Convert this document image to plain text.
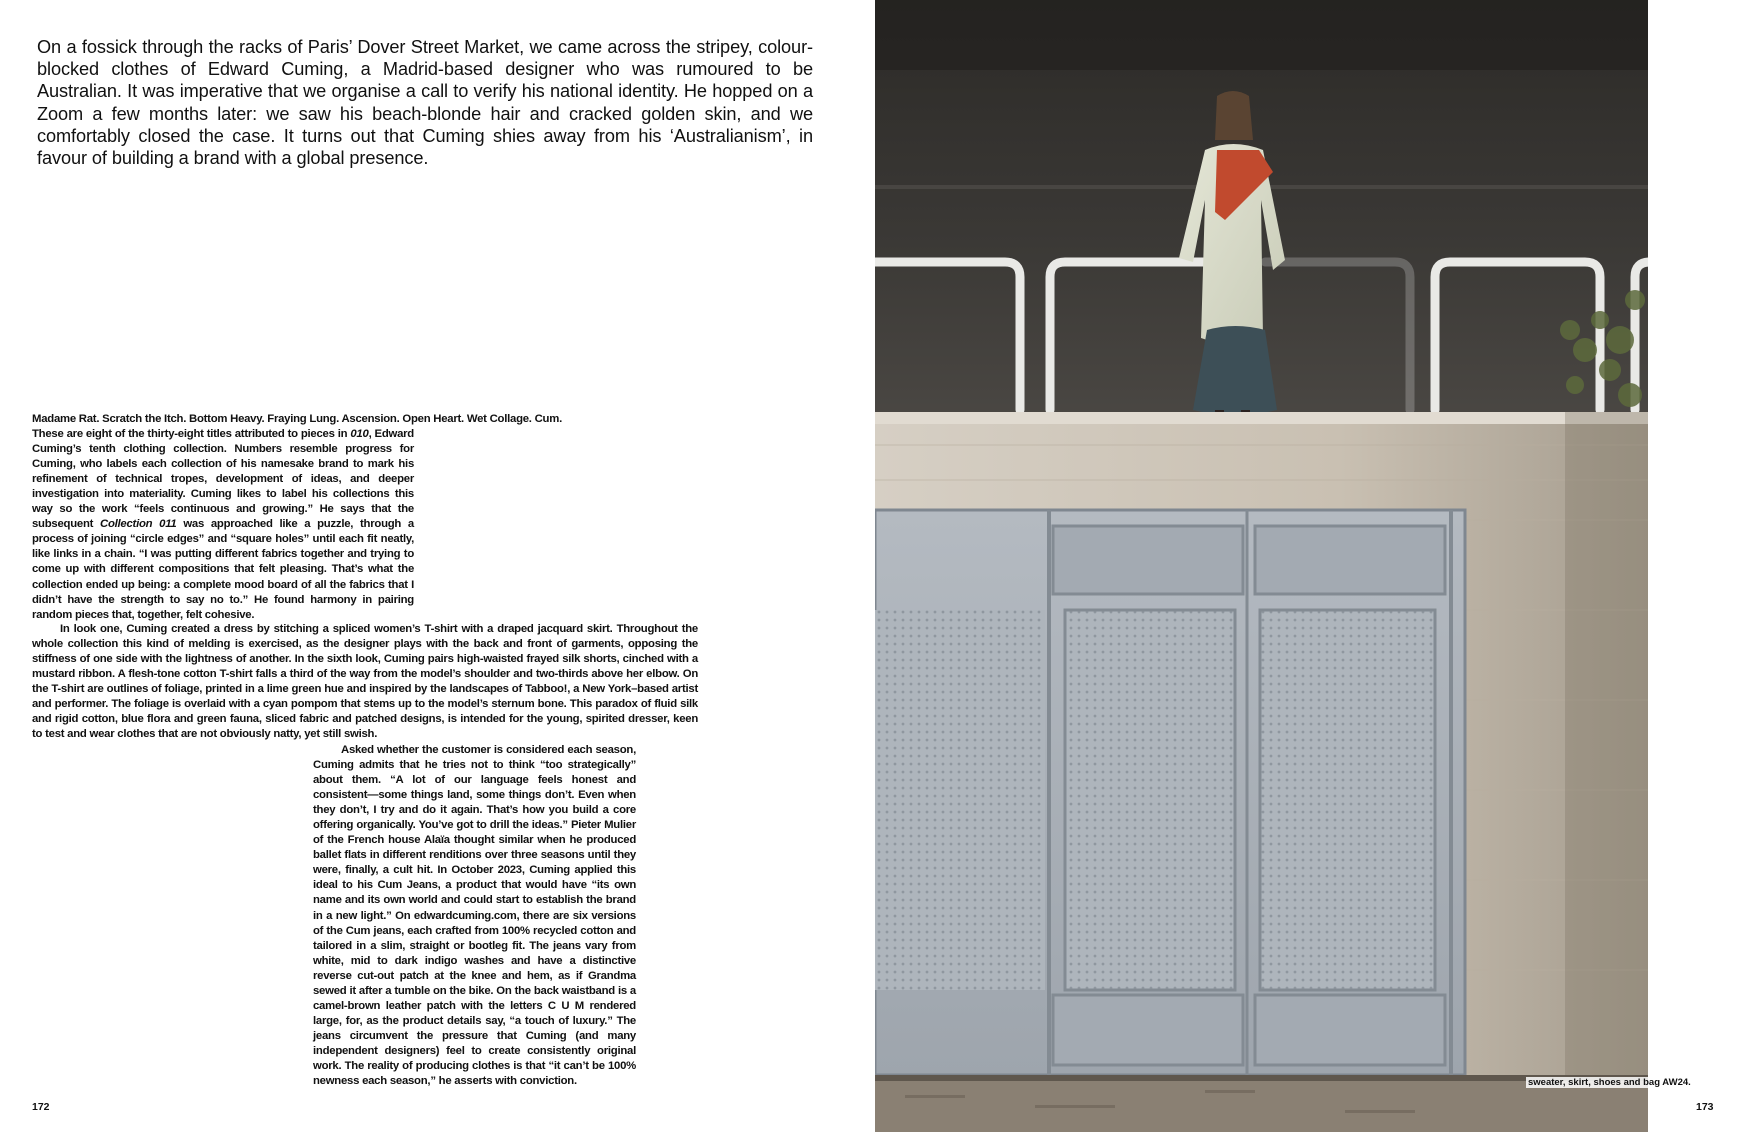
On a fossick through the racks of Paris’ Dover Street Market, we came across the stripey, colour-blocked clothes of Edward Cuming, a Madrid-based designer who was rumoured to be Australian. It was imperative that we organise a call to verify his national identity. He hopped on a Zoom a few months later: we saw his beach-blonde hair and cracked golden skin, and we comfortably closed the case. It turns out that Cuming shies away from his ‘Australianism’, in favour of building a brand with a global presence.

Madame Rat. Scratch the Itch. Bottom Heavy. Fraying Lung. Ascension. Open Heart. Wet Collage. Cum.
These are eight of the thirty-eight titles attributed to pieces in 010, Edward Cuming’s tenth clothing collection. Numbers resemble progress for Cuming, who labels each collection of his namesake brand to mark his refinement of technical tropes, development of ideas, and deeper investigation into materiality. Cuming likes to label his collections this way so the work “feels continuous and growing.” He says that the subsequent Collection 011 was approached like a puzzle, through a process of joining “circle edges” and “square holes” until each fit neatly, like links in a chain. “I was putting different fabrics together and trying to come up with different compositions that felt pleasing. That’s what the collection ended up being: a complete mood board of all the fabrics that I didn’t have the strength to say no to.” He found harmony in pairing random pieces that, together, felt cohesive.

In look one, Cuming created a dress by stitching a spliced women’s T-shirt with a draped jacquard skirt. Throughout the whole collection this kind of melding is exercised, as the designer plays with the back and front of garments, opposing the stiffness of one side with the lightness of another. In the sixth look, Cuming pairs high-waisted frayed silk shorts, cinched with a mustard ribbon. A flesh-tone cotton T-shirt falls a third of the way from the model’s shoulder and two-thirds above her elbow. On the T-shirt are outlines of foliage, printed in a lime green hue and inspired by the landscapes of Tabboo!, a New York–based artist and performer. The foliage is overlaid with a cyan pompom that stems up to the model’s sternum bone. This paradox of fluid silk and rigid cotton, blue flora and green fauna, sliced fabric and patched designs, is intended for the young, spirited dresser, keen to test and wear clothes that are not obviously natty, yet still swish.

Asked whether the customer is considered each season, Cuming admits that he tries not to think “too strategically” about them. “A lot of our language feels honest and consistent—some things land, some things don’t. Even when they don’t, I try and do it again. That’s how you build a core offering organically. You’ve got to drill the ideas.” Pieter Mulier of the French house Alaïa thought similar when he produced ballet flats in different renditions over three seasons until they were, finally, a cult hit. In October 2023, Cuming applied this ideal to his Cum Jeans, a product that would have “its own name and its own world and could start to establish the brand in a new light.” On edwardcuming.com, there are six versions of the Cum jeans, each crafted from 100% recycled cotton and tailored in a slim, straight or bootleg fit. The jeans vary from white, mid to dark indigo washes and have a distinctive reverse cut-out patch at the knee and hem, as if Grandma sewed it after a tumble on the bike. On the back waistband is a camel-brown leather patch with the letters C U M rendered large, for, as the product details say, “a touch of luxury.” The jeans circumvent the pressure that Cuming (and many independent designers) feel to create consistently original work. The reality of producing clothes is that “it can’t be 100% newness each season,” he asserts with conviction.

172
sweater, skirt, shoes and bag AW24.
173
